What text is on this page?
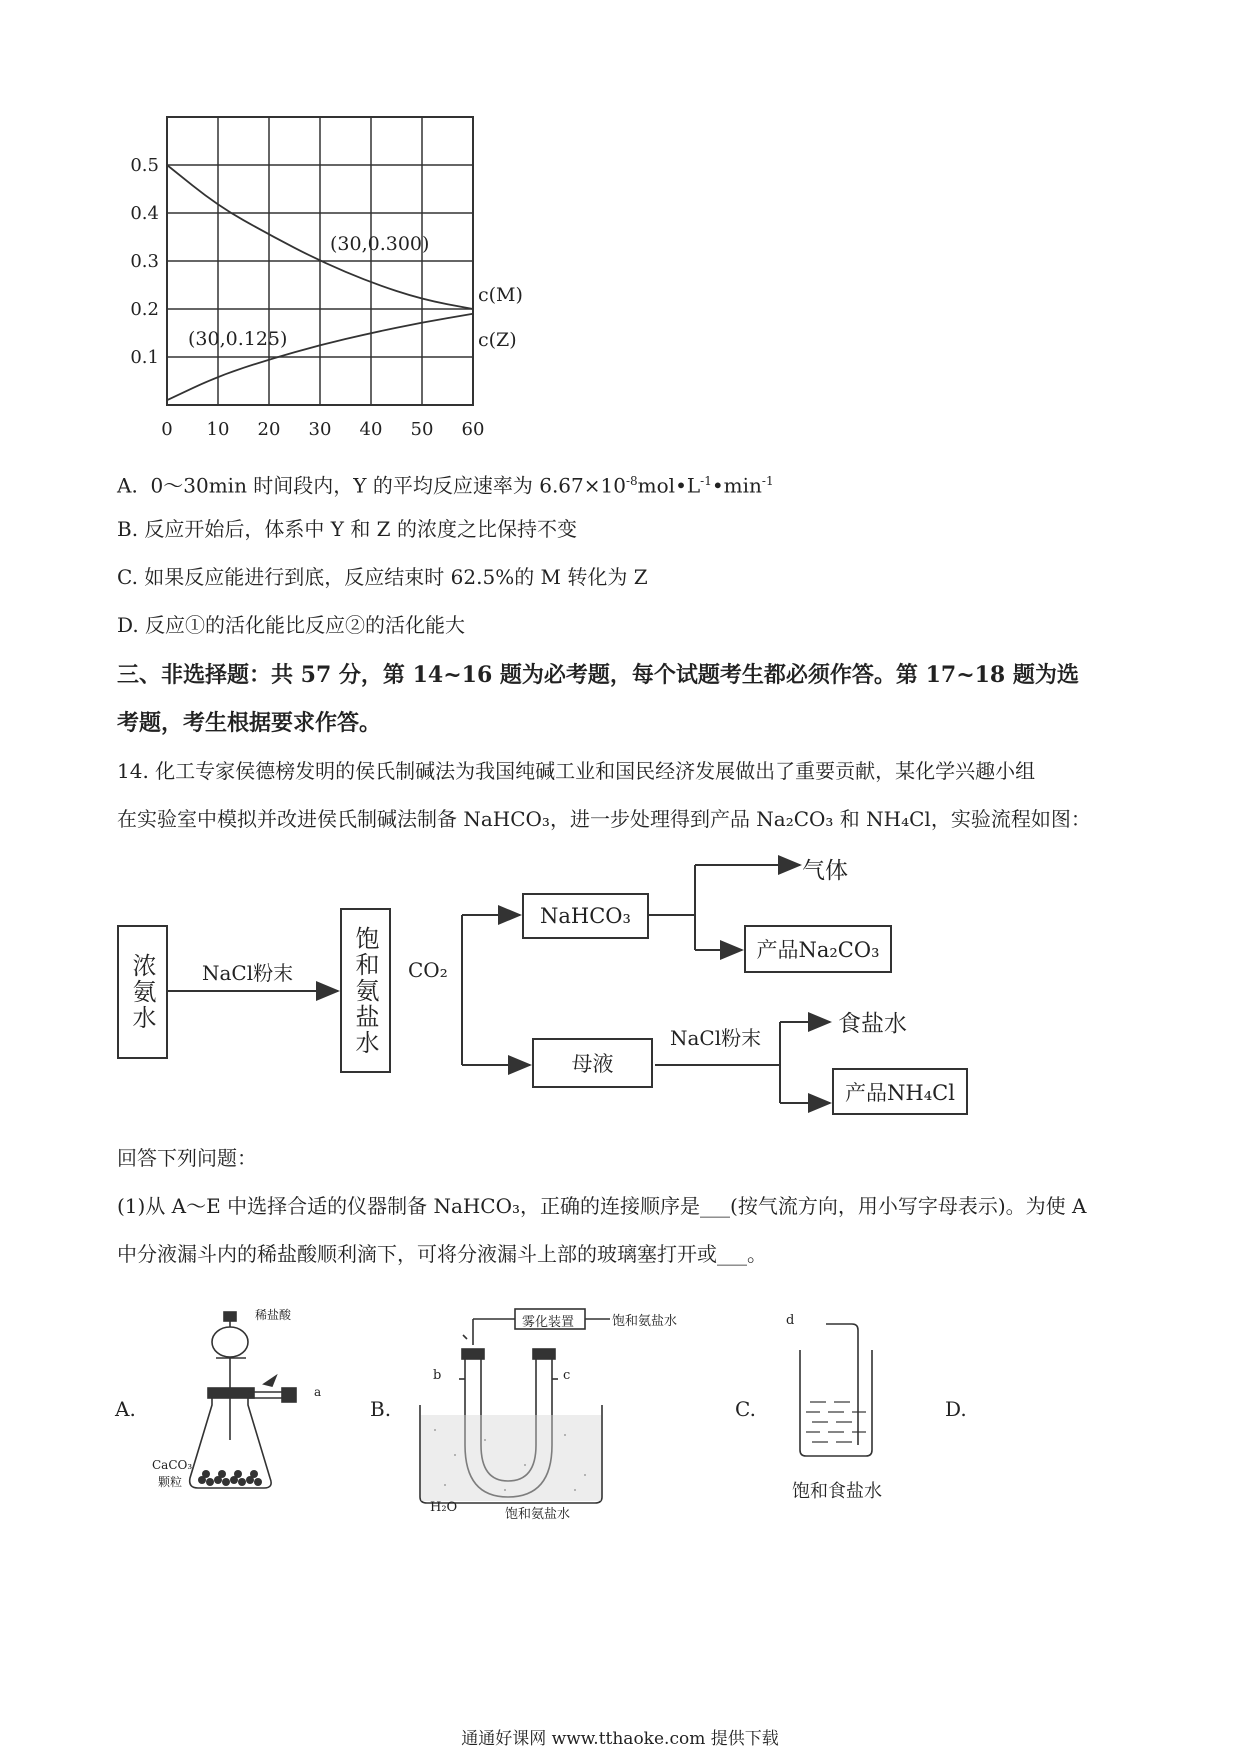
0 10 20 30 40 50 60
0.1
0.2
0.3
0.4
0.5
(30,0.300)
(30,0.125)
c(M)
c(Z)
A. 0～30min 时间段内，Y 的平均反应速率为 $6.67\times 10^{-8}mol•L^{-1}•\min^{-1}$
B. 反应开始后，体系中 Y 和 Z 的浓度之比保持不变
C. 如果反应能进行到底，反应结束时 62.5%的 M 转化为 Z
D. 反应①的活化能比反应②的活化能大
三、非选择题：共 57 分，第 14~16 题为必考题，每个试题考生都必须作答。第 17~18 题为选
考题，考生根据要求作答。
14. 化工专家侯德榜发明的侯氏制碱法为我国纯碱工业和国民经济发展做出了重要贡献，某化学兴趣小组
在实验室中模拟并改进侯氏制碱法制备 NaHCO₃，进一步处理得到产品 Na₂CO₃ 和 NH₄Cl，实验流程如图：
浓氨水 NaCl粉末 饱和氨盐水 CO₂
NaHCO₃
气体
产品Na₂CO₃
母液
NaCl粉末
食盐水
产品NH₄Cl
回答下列问题：
(1)从 A～E 中选择合适的仪器制备 NaHCO₃，正确的连接顺序是___(按气流方向，用小写字母表示)。为使 A
中分液漏斗内的稀盐酸顺利滴下，可将分液漏斗上部的玻璃塞打开或___。
A.	B.	C.	D.
稀盐酸
a
CaCO₃
颗粒
雾化装置	饱和氨盐水
b	c
H₂O	饱和氨盐水
d
饱和食盐水
通通好课网 www.tthaoke.com 提供下载
